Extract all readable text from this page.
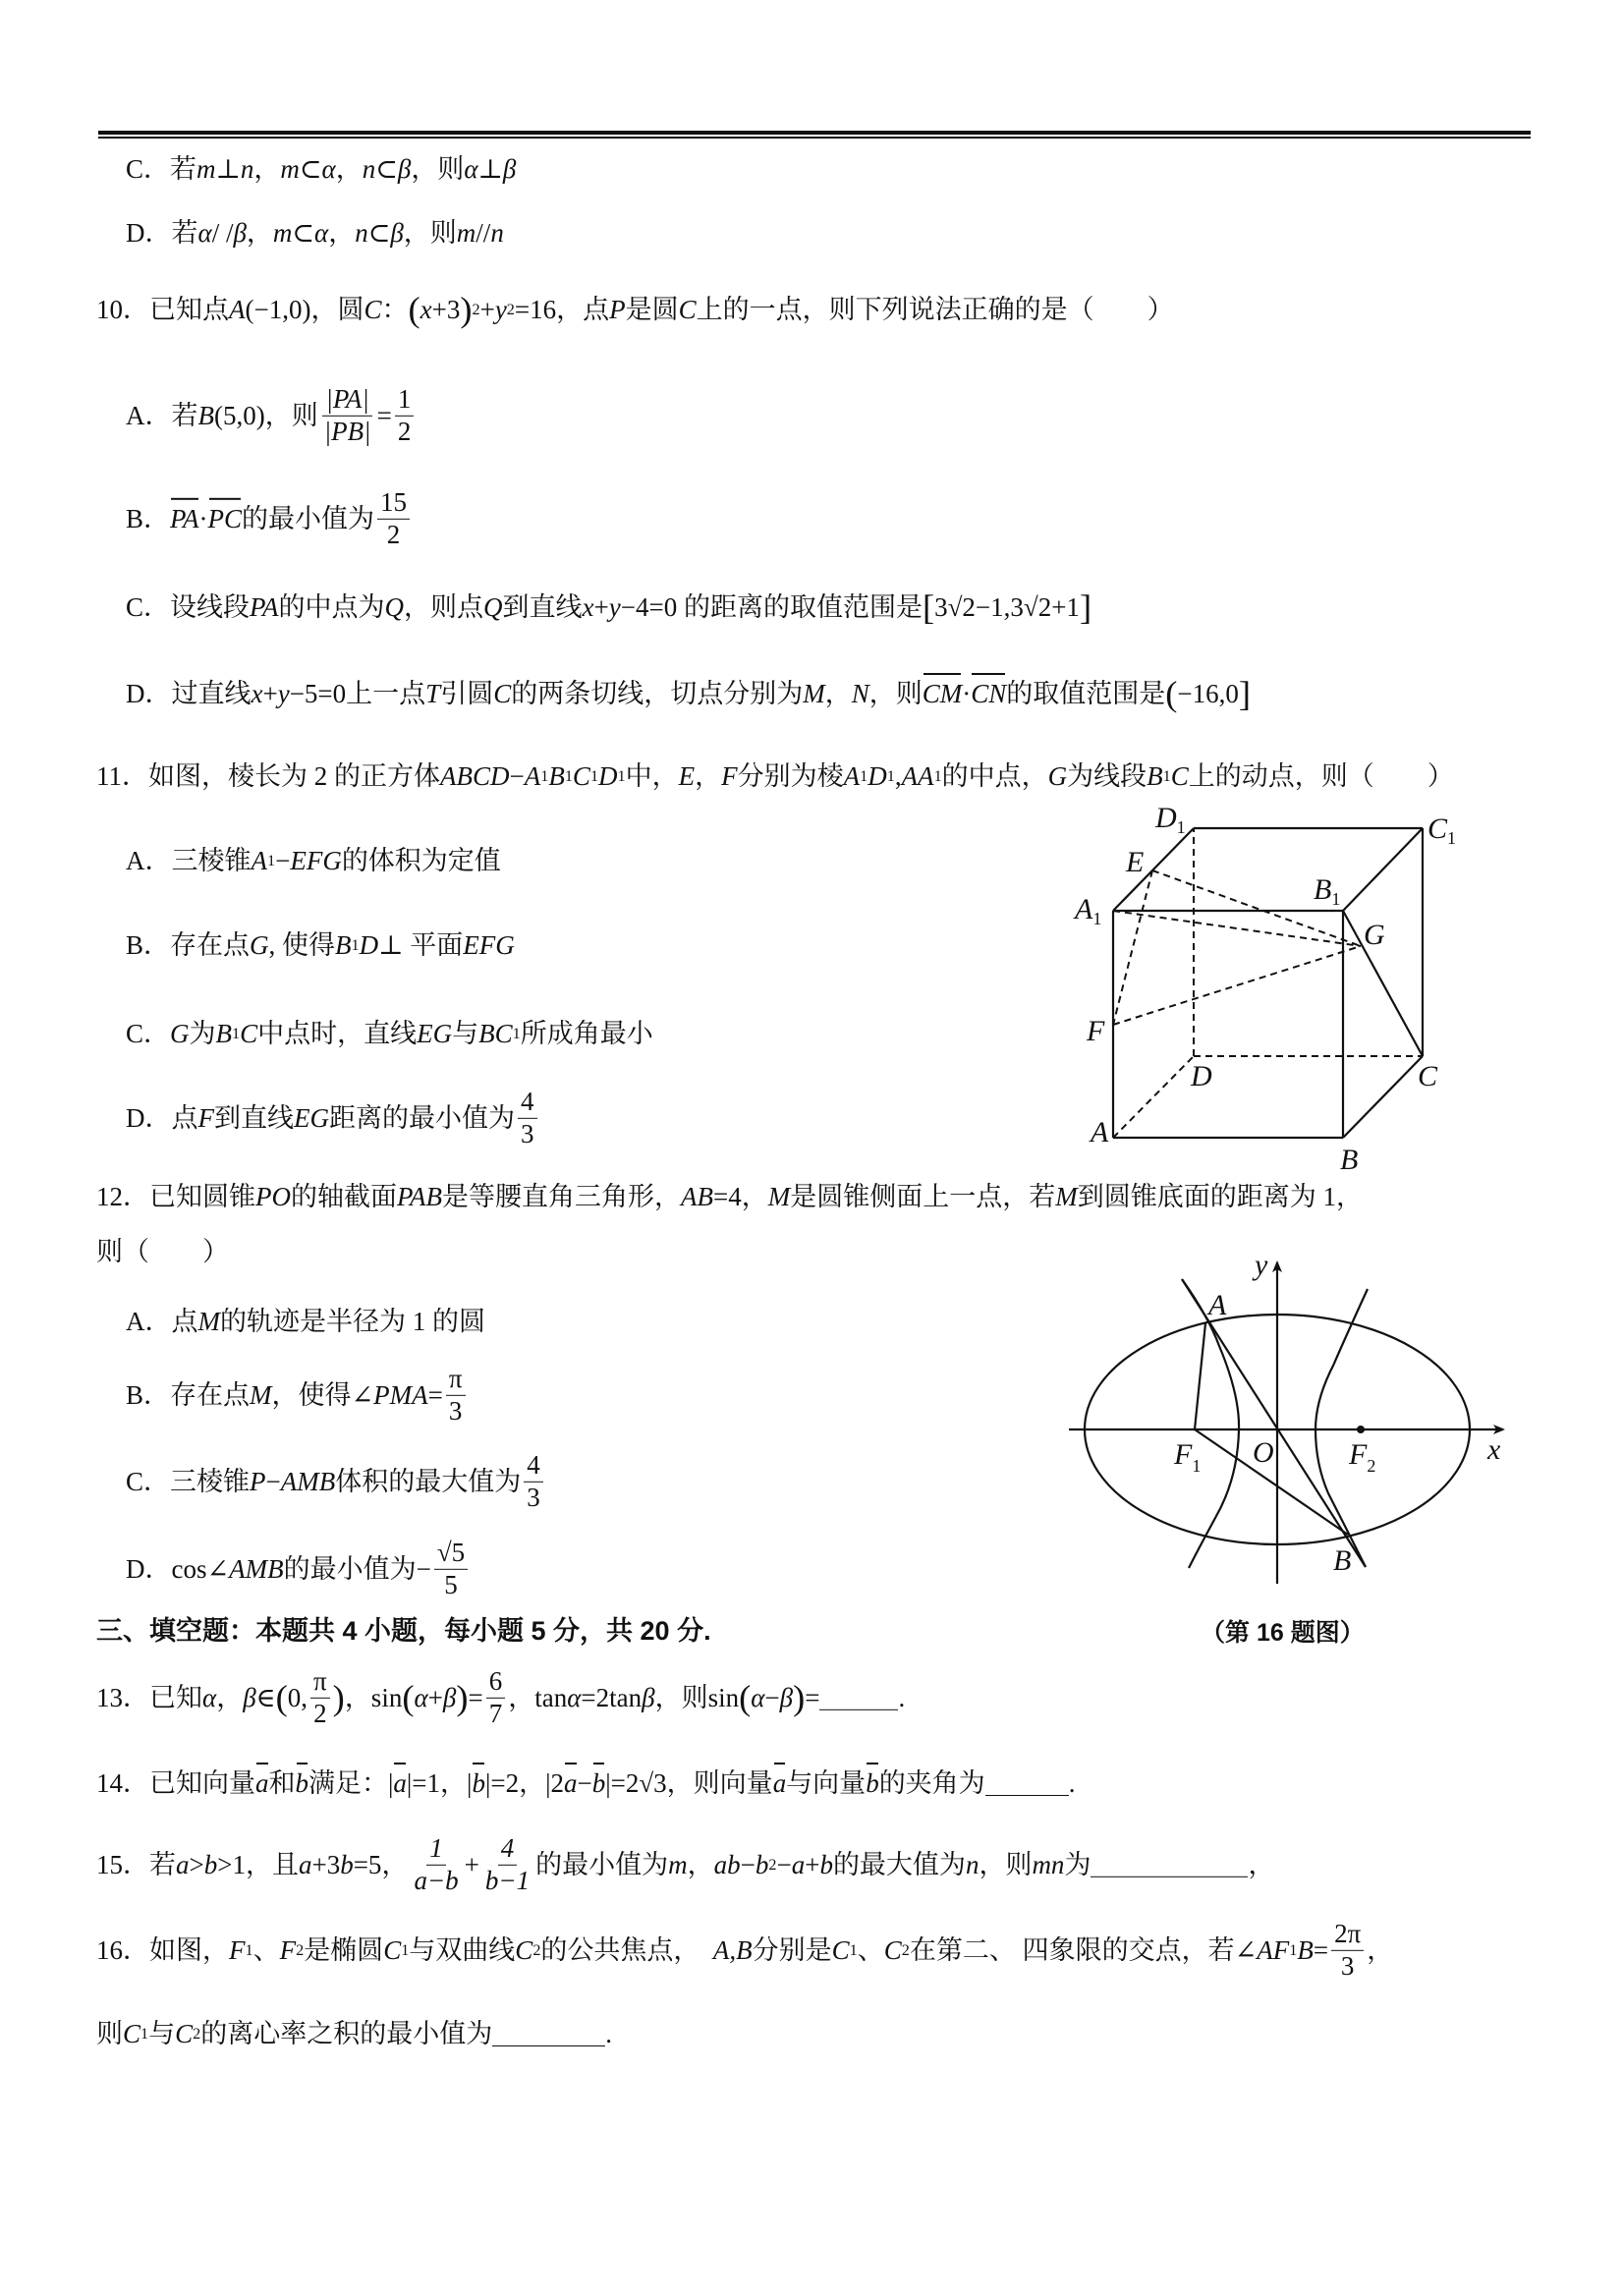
C．若 m ⊥ n ， m ⊂ α ， n ⊂ β ，则 α ⊥ β
D．若 α / / β ， m ⊂ α ， n ⊂ β ，则 m // n
10．已知点 A (−1,0) ，圆 C ： ( x +3 ) 2 + y 2 =16，点 P 是圆 C 上的一点，则下列说法正确的是（　　）
A．若 B (5,0) ，则 $\frac{|PA|}{|PB|} = \frac{1}{2}$
B． PA · PC 的最小值为 $\frac{15}{2}$
C．设线段 PA 的中点为 Q ，则点 Q 到直线 x + y −4=0 的距离的取值范围是 [ 3√2−1,3√2+1 ]
D．过直线 x + y −5=0上一点 T 引圆 C 的两条切线，切点分别为 M ， N ，则 CM · CN 的取值范围是 ( −16,0 ]
11．如图，棱长为 2 的正方体 ABCD − A 1 B 1 C 1 D 1 中， E ， F 分别为棱 A 1 D 1 , AA 1 的中点， G 为线段 B 1 C 上的动点，则（　　）
A．三棱锥 A 1 − EFG 的体积为定值
B．存在点 G , 使得 B 1 D ⊥ 平面 EFG
C． G 为 B 1 C 中点时，直线 EG 与 BC 1 所成角最小
D．点 F 到直线 EG 距离的最小值为 $\frac{4}{3}$
12．已知圆锥 PO 的轴截面 PAB 是等腰直角三角形， AB =4， M 是圆锥侧面上一点，若 M 到圆锥底面的距离为 1，
则（　　）
A．点 M 的轨迹是半径为 1 的圆
B．存在点 M ，使得∠ PMA = $\frac{\pi}{3}$
C．三棱锥 P − AMB 体积的最大值为 $\frac{4}{3}$
D．cos∠ AMB 的最小值为− $\frac{√5}{5}$
三、填空题：本题共 4 小题，每小题 5 分，共 20 分.
13．已知 α ， β ∈ ( 0, $\frac{\pi}{2}$ ) ，sin ( α + β ) = $\frac{6}{7}$ ，tan α =2tan β ，则sin ( α − β ) =	.
14．已知向量 a 和 b 满足：| a |=1，| b |=2，|2 a − b |=2√3，则向量 a 与向量 b 的夹角为	.
15．若 a > b >1，且 a +3 b =5， $\frac{1}{a-b} + \frac{4}{b-1}$ 的最小值为 m ， ab − b 2 − a + b 的最大值为 n ，则 mn 为	，
16．如图， F 1 、 F 2 是椭圆 C 1 与双曲线 C 2 的公共焦点，　 A,B 分别是 C 1 、 C 2 在第二、 四象限的交点，若∠ AF 1 $B = \frac{2\pi}{3}$ ，
则 C 1 与 C 2 的离心率之积的最小值为	.
$D_1$	$C_1$
E
$B_1$
$A_1$	G
F
D	C
A
B
y
A
$F_1$ O	$F_2$	x
B
（第 16 题图）
